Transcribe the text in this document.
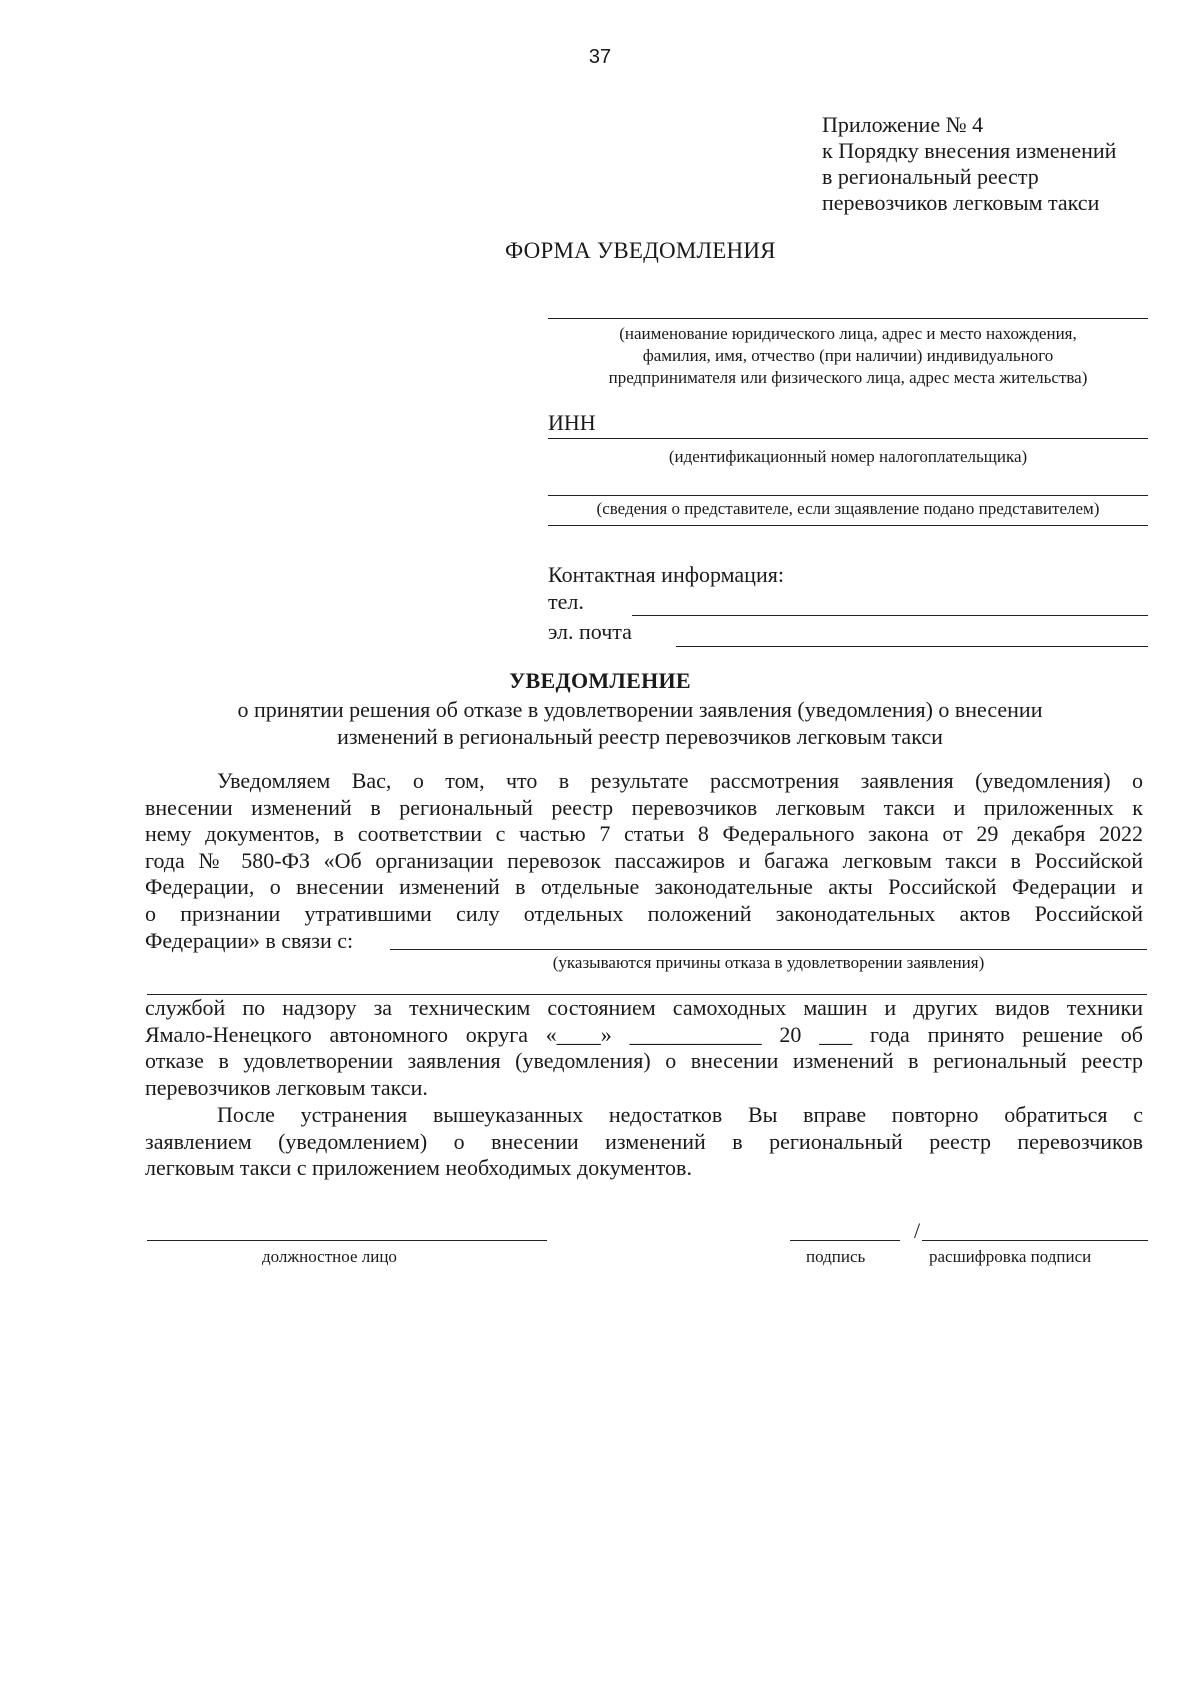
37
Приложение № 4
к Порядку внесения изменений
в региональный реестр
перевозчиков легковым такси
ФОРМА УВЕДОМЛЕНИЯ
(наименование юридического лица, адрес и место нахождения,
фамилия, имя, отчество (при наличии) индивидуального
предпринимателя или физического лица, адрес места жительства)
ИНН
(идентификационный номер налогоплательщика)
(сведения о представителе, если зщаявление подано представителем)
Контактная информация:
тел.
эл. почта
УВЕДОМЛЕНИЕ
о принятии решения об отказе в удовлетворении заявления (уведомления) о внесении
изменений в региональный реестр перевозчиков легковым такси
Уведомляем Вас, о том, что в результате рассмотрения заявления (уведомления) о
внесении изменений в региональный реестр перевозчиков легковым такси и приложенных к
нему документов, в соответствии с частью 7 статьи 8 Федерального закона от 29 декабря 2022
года № 580-ФЗ «Об организации перевозок пассажиров и багажа легковым такси в Российской
Федерации, о внесении изменений в отдельные законодательные акты Российской Федерации и
о признании утратившими силу отдельных положений законодательных актов Российской
Федерации» в связи с:
(указываются причины отказа в удовлетворении заявления)
службой по надзору за техническим состоянием самоходных машин и других видов техники
Ямало-Ненецкого автономного округа «____» ____________ 20 ___ года принято решение об
отказе в удовлетворении заявления (уведомления) о внесении изменений в региональный реестр
перевозчиков легковым такси.
После устранения вышеуказанных недостатков Вы вправе повторно обратиться с
заявлением (уведомлением) о внесении изменений в региональный реестр перевозчиков
легковым такси с приложением необходимых документов.
должностное лицо
/
подпись	расшифровка подписи
